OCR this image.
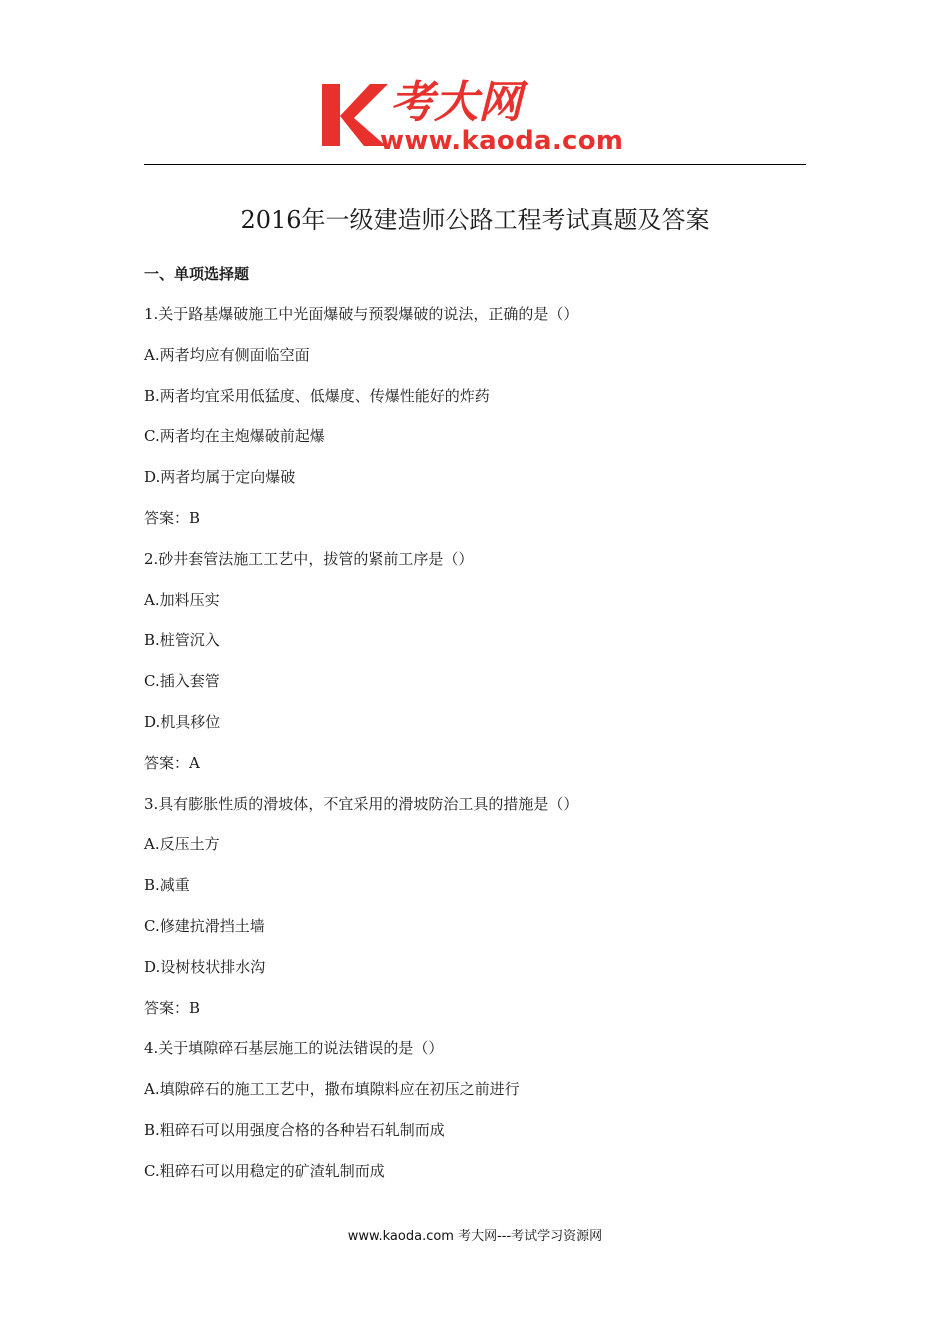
考大网
www.kaoda.com
2016年一级建造师公路工程考试真题及答案
一、单项选择题
1.关于路基爆破施工中光面爆破与预裂爆破的说法，正确的是（）
A.两者均应有侧面临空面
B.两者均宜采用低猛度、低爆度、传爆性能好的炸药
C.两者均在主炮爆破前起爆
D.两者均属于定向爆破
答案：B
2.砂井套管法施工工艺中，拔管的紧前工序是（）
A.加料压实
B.桩管沉入
C.插入套管
D.机具移位
答案：A
3.具有膨胀性质的滑坡体，不宜采用的滑坡防治工具的措施是（）
A.反压土方
B.减重
C.修建抗滑挡土墙
D.设树枝状排水沟
答案：B
4.关于填隙碎石基层施工的说法错误的是（）
A.填隙碎石的施工工艺中，撒布填隙料应在初压之前进行
B.粗碎石可以用强度合格的各种岩石轧制而成
C.粗碎石可以用稳定的矿渣轧制而成
www.kaoda.com 考大网---考试学习资源网
